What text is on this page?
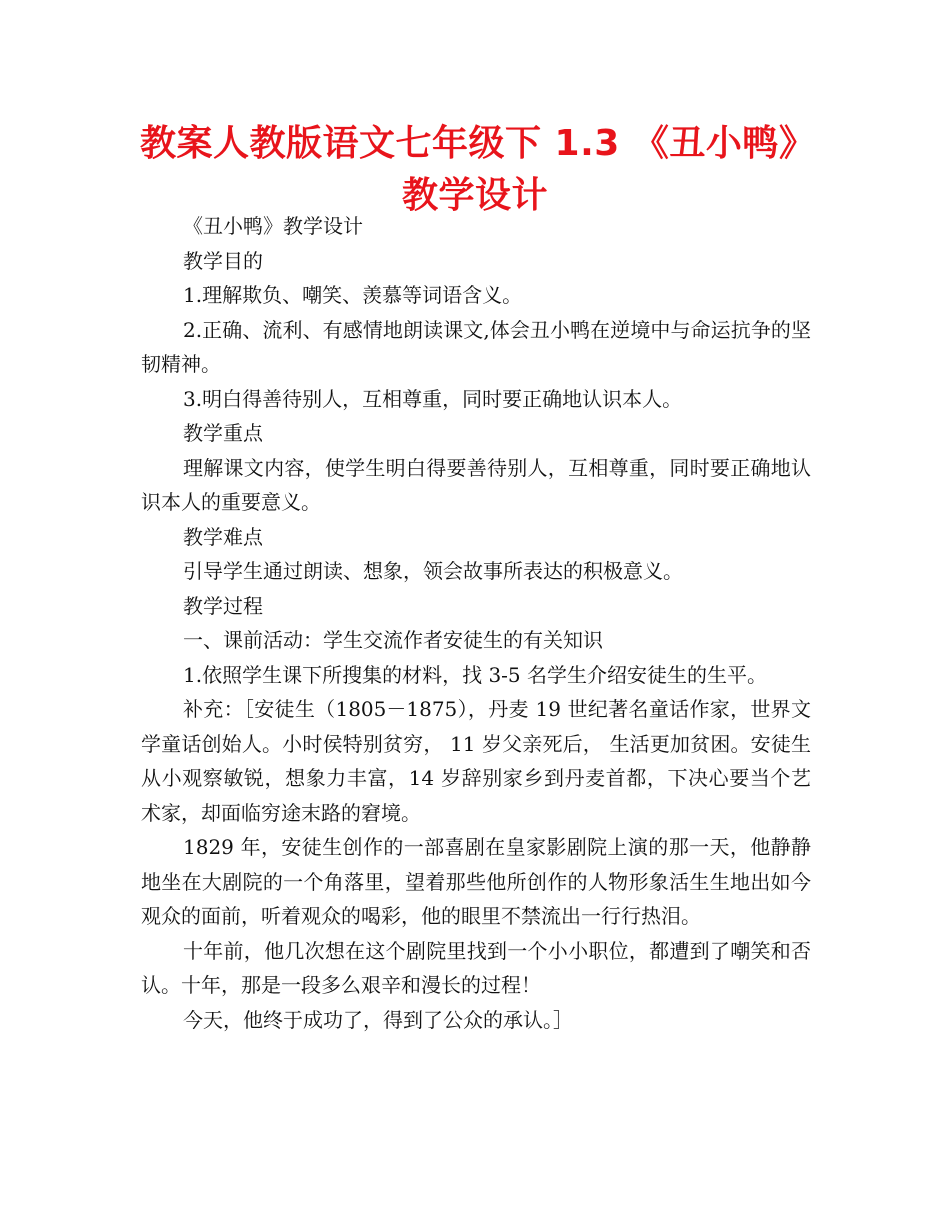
教案人教版语文七年级下 1.3 《丑小鸭》
教学设计

《丑小鸭》教学设计

教学目的

1.理解欺负、嘲笑、羡慕等词语含义。

2.正确、流利、有感情地朗读课文,体会丑小鸭在逆境中与命运抗争的坚韧精神。

3.明白得善待别人，互相尊重，同时要正确地认识本人。

教学重点

理解课文内容，使学生明白得要善待别人，互相尊重，同时要正确地认识本人的重要意义。

教学难点

引导学生通过朗读、想象，领会故事所表达的积极意义。

教学过程

一、课前活动：学生交流作者安徒生的有关知识

1.依照学生课下所搜集的材料，找 3-5 名学生介绍安徒生的生平。

补充：［安徒生（1805－1875），丹麦 19 世纪著名童话作家，世界文学童话创始人。小时侯特别贫穷， 11 岁父亲死后， 生活更加贫困。安徒生从小观察敏锐，想象力丰富，14 岁辞别家乡到丹麦首都，下决心要当个艺术家，却面临穷途末路的窘境。

1829 年，安徒生创作的一部喜剧在皇家影剧院上演的那一天，他静静地坐在大剧院的一个角落里，望着那些他所创作的人物形象活生生地出如今观众的面前，听着观众的喝彩，他的眼里不禁流出一行行热泪。

十年前，他几次想在这个剧院里找到一个小小职位，都遭到了嘲笑和否认。十年，那是一段多么艰辛和漫长的过程！

今天，他终于成功了，得到了公众的承认。］
